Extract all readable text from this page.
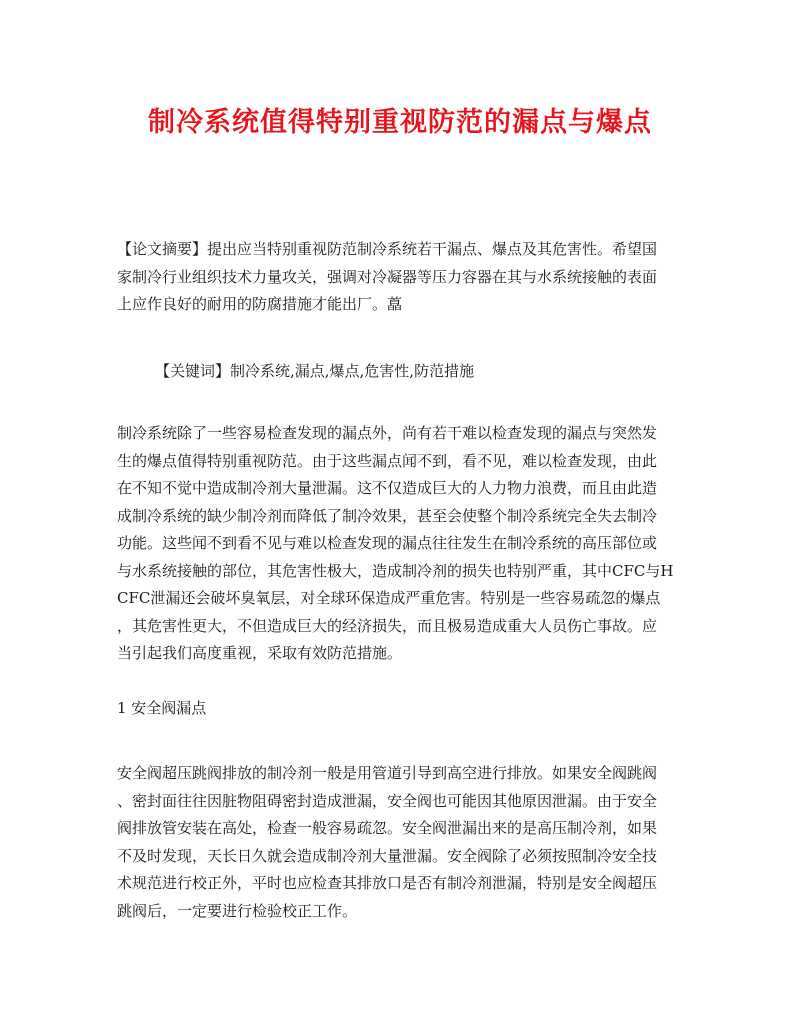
制冷系统值得特别重视防范的漏点与爆点

【论文摘要】提出应当特别重视防范制冷系统若干漏点、爆点及其危害性。希望国
家制冷行业组织技术力量攻关，强调对冷凝器等压力容器在其与水系统接触的表面
上应作良好的耐用的防腐措施才能出厂。藠

【关键词】制冷系统,漏点,爆点,危害性,防范措施

制冷系统除了一些容易检查发现的漏点外，尚有若干难以检查发现的漏点与突然发
生的爆点值得特别重视防范。由于这些漏点闻不到，看不见，难以检查发现，由此
在不知不觉中造成制冷剂大量泄漏。这不仅造成巨大的人力物力浪费，而且由此造
成制冷系统的缺少制冷剂而降低了制冷效果，甚至会使整个制冷系统完全失去制冷
功能。这些闻不到看不见与难以检查发现的漏点往往发生在制冷系统的高压部位或
与水系统接触的部位，其危害性极大，造成制冷剂的损失也特别严重，其中CFC与H
CFC泄漏还会破坏臭氧层，对全球环保造成严重危害。特别是一些容易疏忽的爆点
，其危害性更大，不但造成巨大的经济损失，而且极易造成重大人员伤亡事故。应
当引起我们高度重视，采取有效防范措施。

1 安全阀漏点

安全阀超压跳阀排放的制冷剂一般是用管道引导到高空进行排放。如果安全阀跳阀
、密封面往往因脏物阻碍密封造成泄漏，安全阀也可能因其他原因泄漏。由于安全
阀排放管安装在高处，检查一般容易疏忽。安全阀泄漏出来的是高压制冷剂，如果
不及时发现，天长日久就会造成制冷剂大量泄漏。安全阀除了必须按照制冷安全技
术规范进行校正外，平时也应检查其排放口是否有制冷剂泄漏，特别是安全阀超压
跳阀后，一定要进行检验校正工作。
